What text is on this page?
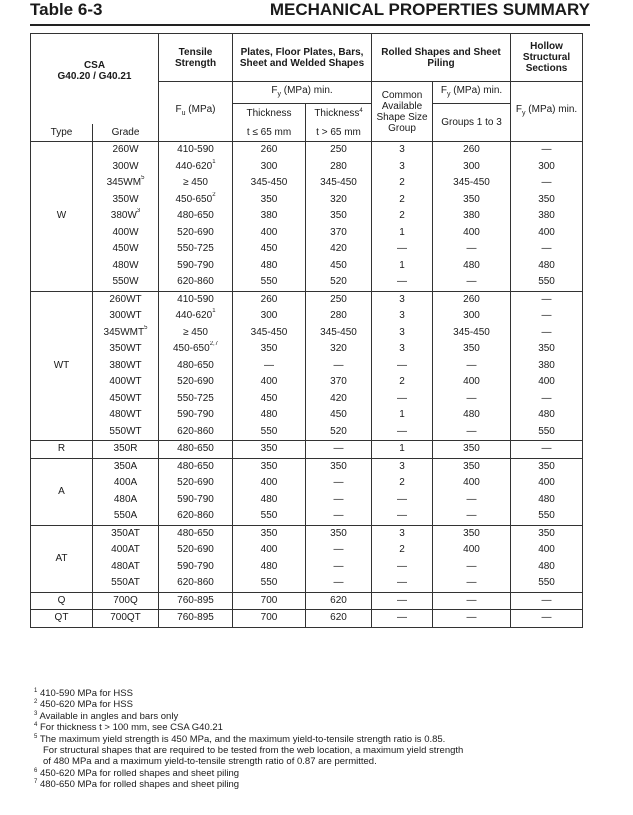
Table 6-3	MECHANICAL PROPERTIES SUMMARY
CSA
G40.20 / G40.21		Tensile Strength	Plates, Floor Plates, Bars, Sheet and Welded Shapes		Rolled Shapes and Sheet Piling		Hollow Structural Sections

		$F_u$ (MPa)	$F_y$ (MPa) min.		Common Available Shape Size Group	$F_y$ (MPa) min.	$F_y$ (MPa) min.
			Thickness	Thickness$^4$		Groups 1 to 3	
Type	Grade		t ≤ 65 mm	t > 65 mm			
W	260W	410-590	260	250	3	260	—
	300W	$440-620^1$	300	280	3	300	300
	$345WM^5$	≥ 450	345-450	345-450	2	345-450	—
	350W	$450-650^2$	350	320	2	350	350
	$380W^3$	480-650	380	350	2	380	380
	400W	520-690	400	370	1	400	400
	450W	550-725	450	420	—	—	—
	480W	590-790	480	450	1	480	480
	550W	620-860	550	520	—	—	550
WT	260WT	410-590	260	250	3	260	—
	300WT	$440-620^1$	300	280	3	300	—
	$345WMT^5$	≥ 450	345-450	345-450	3	345-450	—
	350WT	450-650$^{2,7}$	350	320	3	350	350
	380WT	480-650	—	—	—	—	380
	400WT	520-690	400	370	2	400	400
	450WT	550-725	450	420	—	—	—
	480WT	590-790	480	450	1	480	480
	550WT	620-860	550	520	—	—	550
R	350R	480-650	350	—	1	350	—
A	350A	480-650	350	350	3	350	350
	400A	520-690	400	—	2	400	400
	480A	590-790	480	—	—	—	480
	550A	620-860	550	—	—	—	550
AT	350AT	480-650	350	350	3	350	350
	400AT	520-690	400	—	2	400	400
	480AT	590-790	480	—	—	—	480
	550AT	620-860	550	—	—	—	550
Q	700Q	760-895	700	620	—	—	—
QT	700QT	760-895	700	620	—	—	—
$^1$ 410-590 MPa for HSS
$^2$ 450-620 MPa for HSS
$^3$ Available in angles and bars only
$^4$ For thickness t > 100 mm, see CSA G40.21
$^5$ The maximum yield strength is 450 MPa, and the maximum yield-to-tensile strength ratio is 0.85.
For structural shapes that are required to be tested from the web location, a maximum yield strength
of 480 MPa and a maximum yield-to-tensile strength ratio of 0.87 are permitted.
$^6$ 450-620 MPa for rolled shapes and sheet piling
$^7$ 480-650 MPa for rolled shapes and sheet piling
